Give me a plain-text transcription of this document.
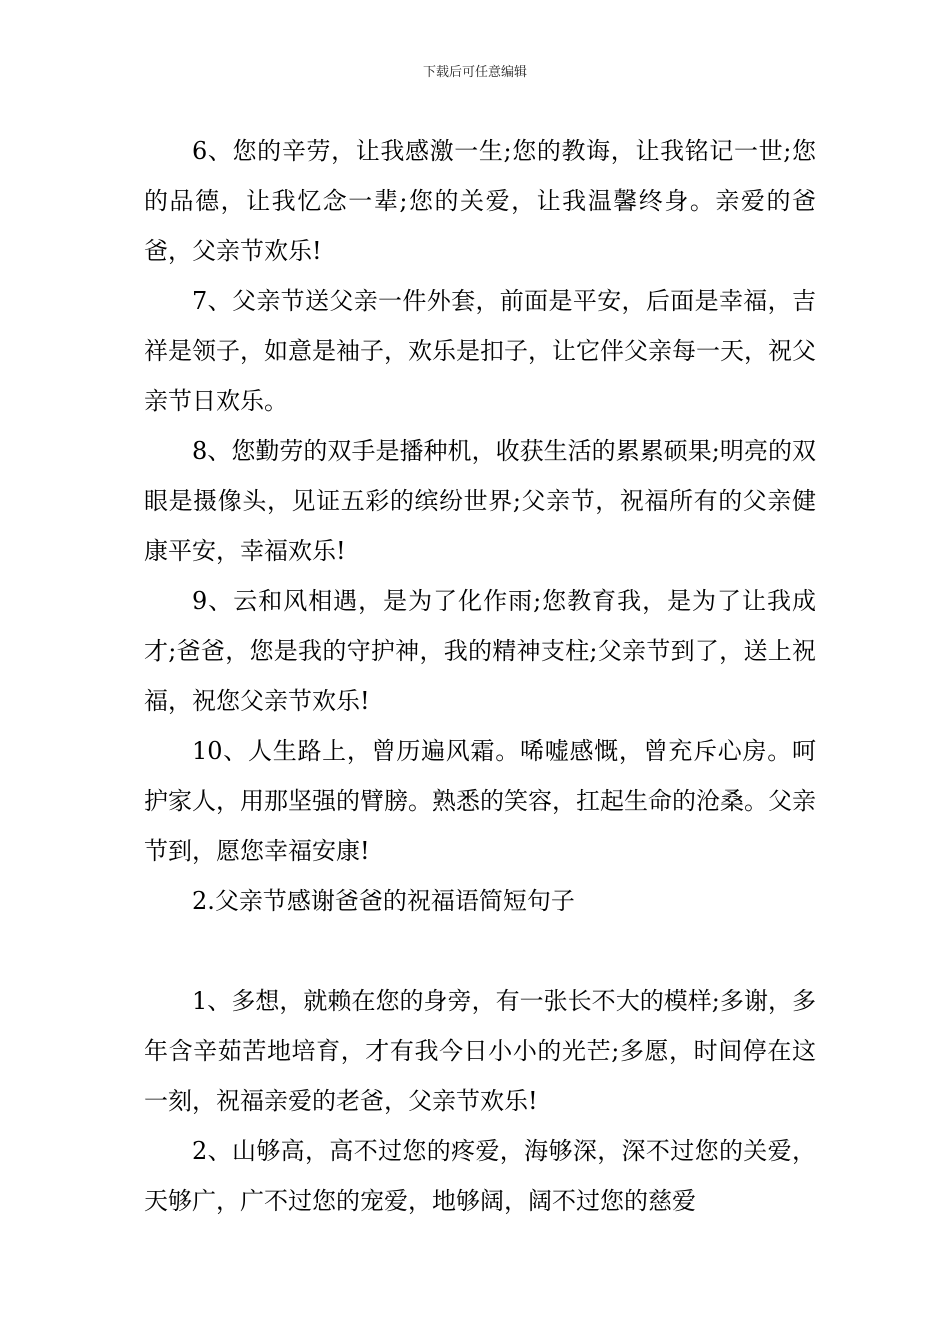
下载后可任意编辑

6、您的辛劳，让我感激一生;您的教诲，让我铭记一世;您的品德，让我忆念一辈;您的关爱，让我温馨终身。亲爱的爸爸，父亲节欢乐!

7、父亲节送父亲一件外套，前面是平安，后面是幸福，吉祥是领子，如意是袖子，欢乐是扣子，让它伴父亲每一天，祝父亲节日欢乐。

8、您勤劳的双手是播种机，收获生活的累累硕果;明亮的双眼是摄像头，见证五彩的缤纷世界;父亲节，祝福所有的父亲健康平安，幸福欢乐!

9、云和风相遇，是为了化作雨;您教育我，是为了让我成才;爸爸，您是我的守护神，我的精神支柱;父亲节到了，送上祝福，祝您父亲节欢乐!

10、人生路上，曾历遍风霜。唏嘘感慨，曾充斥心房。呵护家人，用那坚强的臂膀。熟悉的笑容，扛起生命的沧桑。父亲节到，愿您幸福安康!

2.父亲节感谢爸爸的祝福语简短句子

1、多想，就赖在您的身旁，有一张长不大的模样;多谢，多年含辛茹苦地培育，才有我今日小小的光芒;多愿，时间停在这一刻，祝福亲爱的老爸，父亲节欢乐!

2、山够高，高不过您的疼爱，海够深，深不过您的关爱，天够广，广不过您的宠爱，地够阔，阔不过您的慈爱
